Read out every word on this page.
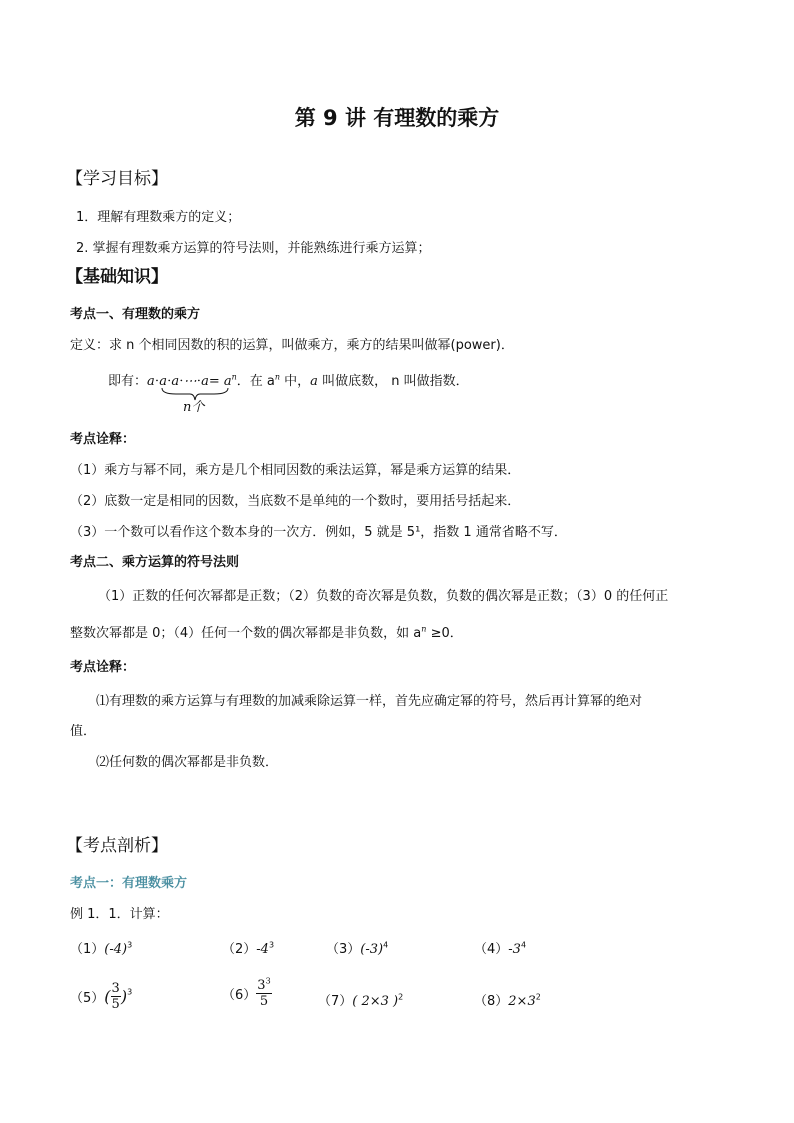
第 9 讲 有理数的乘方
【学习目标】
1．理解有理数乘方的定义；
2. 掌握有理数乘方运算的符号法则，并能熟练进行乘方运算；
【基础知识】
考点一、有理数的乘方
定义：求 n 个相同因数的积的运算，叫做乘方，乘方的结果叫做幂(power)．
即有：a⋅a⋅a⋅⋯⋅a= $a^n$．在 $a^n$ 中，a 叫做底数， n 叫做指数．
n个
考点诠释：
（1）乘方与幂不同，乘方是几个相同因数的乘法运算，幂是乘方运算的结果．
（2）底数一定是相同的因数，当底数不是单纯的一个数时，要用括号括起来．
（3）一个数可以看作这个数本身的一次方．例如，5 就是 5¹，指数 1 通常省略不写．
考点二、乘方运算的符号法则
（1）正数的任何次幂都是正数；（2）负数的奇次幂是负数，负数的偶次幂是正数；（3）0 的任何正
整数次幂都是 0；（4）任何一个数的偶次幂都是非负数，如 $a^n \ge 0$．
考点诠释：
⑴有理数的乘方运算与有理数的加减乘除运算一样，首先应确定幂的符号，然后再计算幂的绝对
值．
⑵任何数的偶次幂都是非负数．
【考点剖析】
考点一：有理数乘方
例 1．1．计算：
$(1)(-4)^3$	$(2)-4^3$	$(3)(-3)^4$	$(4)-3^4$
$(5)( \frac{3}{5} )^3$	$(6) \frac{3^3}{5}$	（7）( 2×3 )$^2$	$(8)2\times 3^2$
